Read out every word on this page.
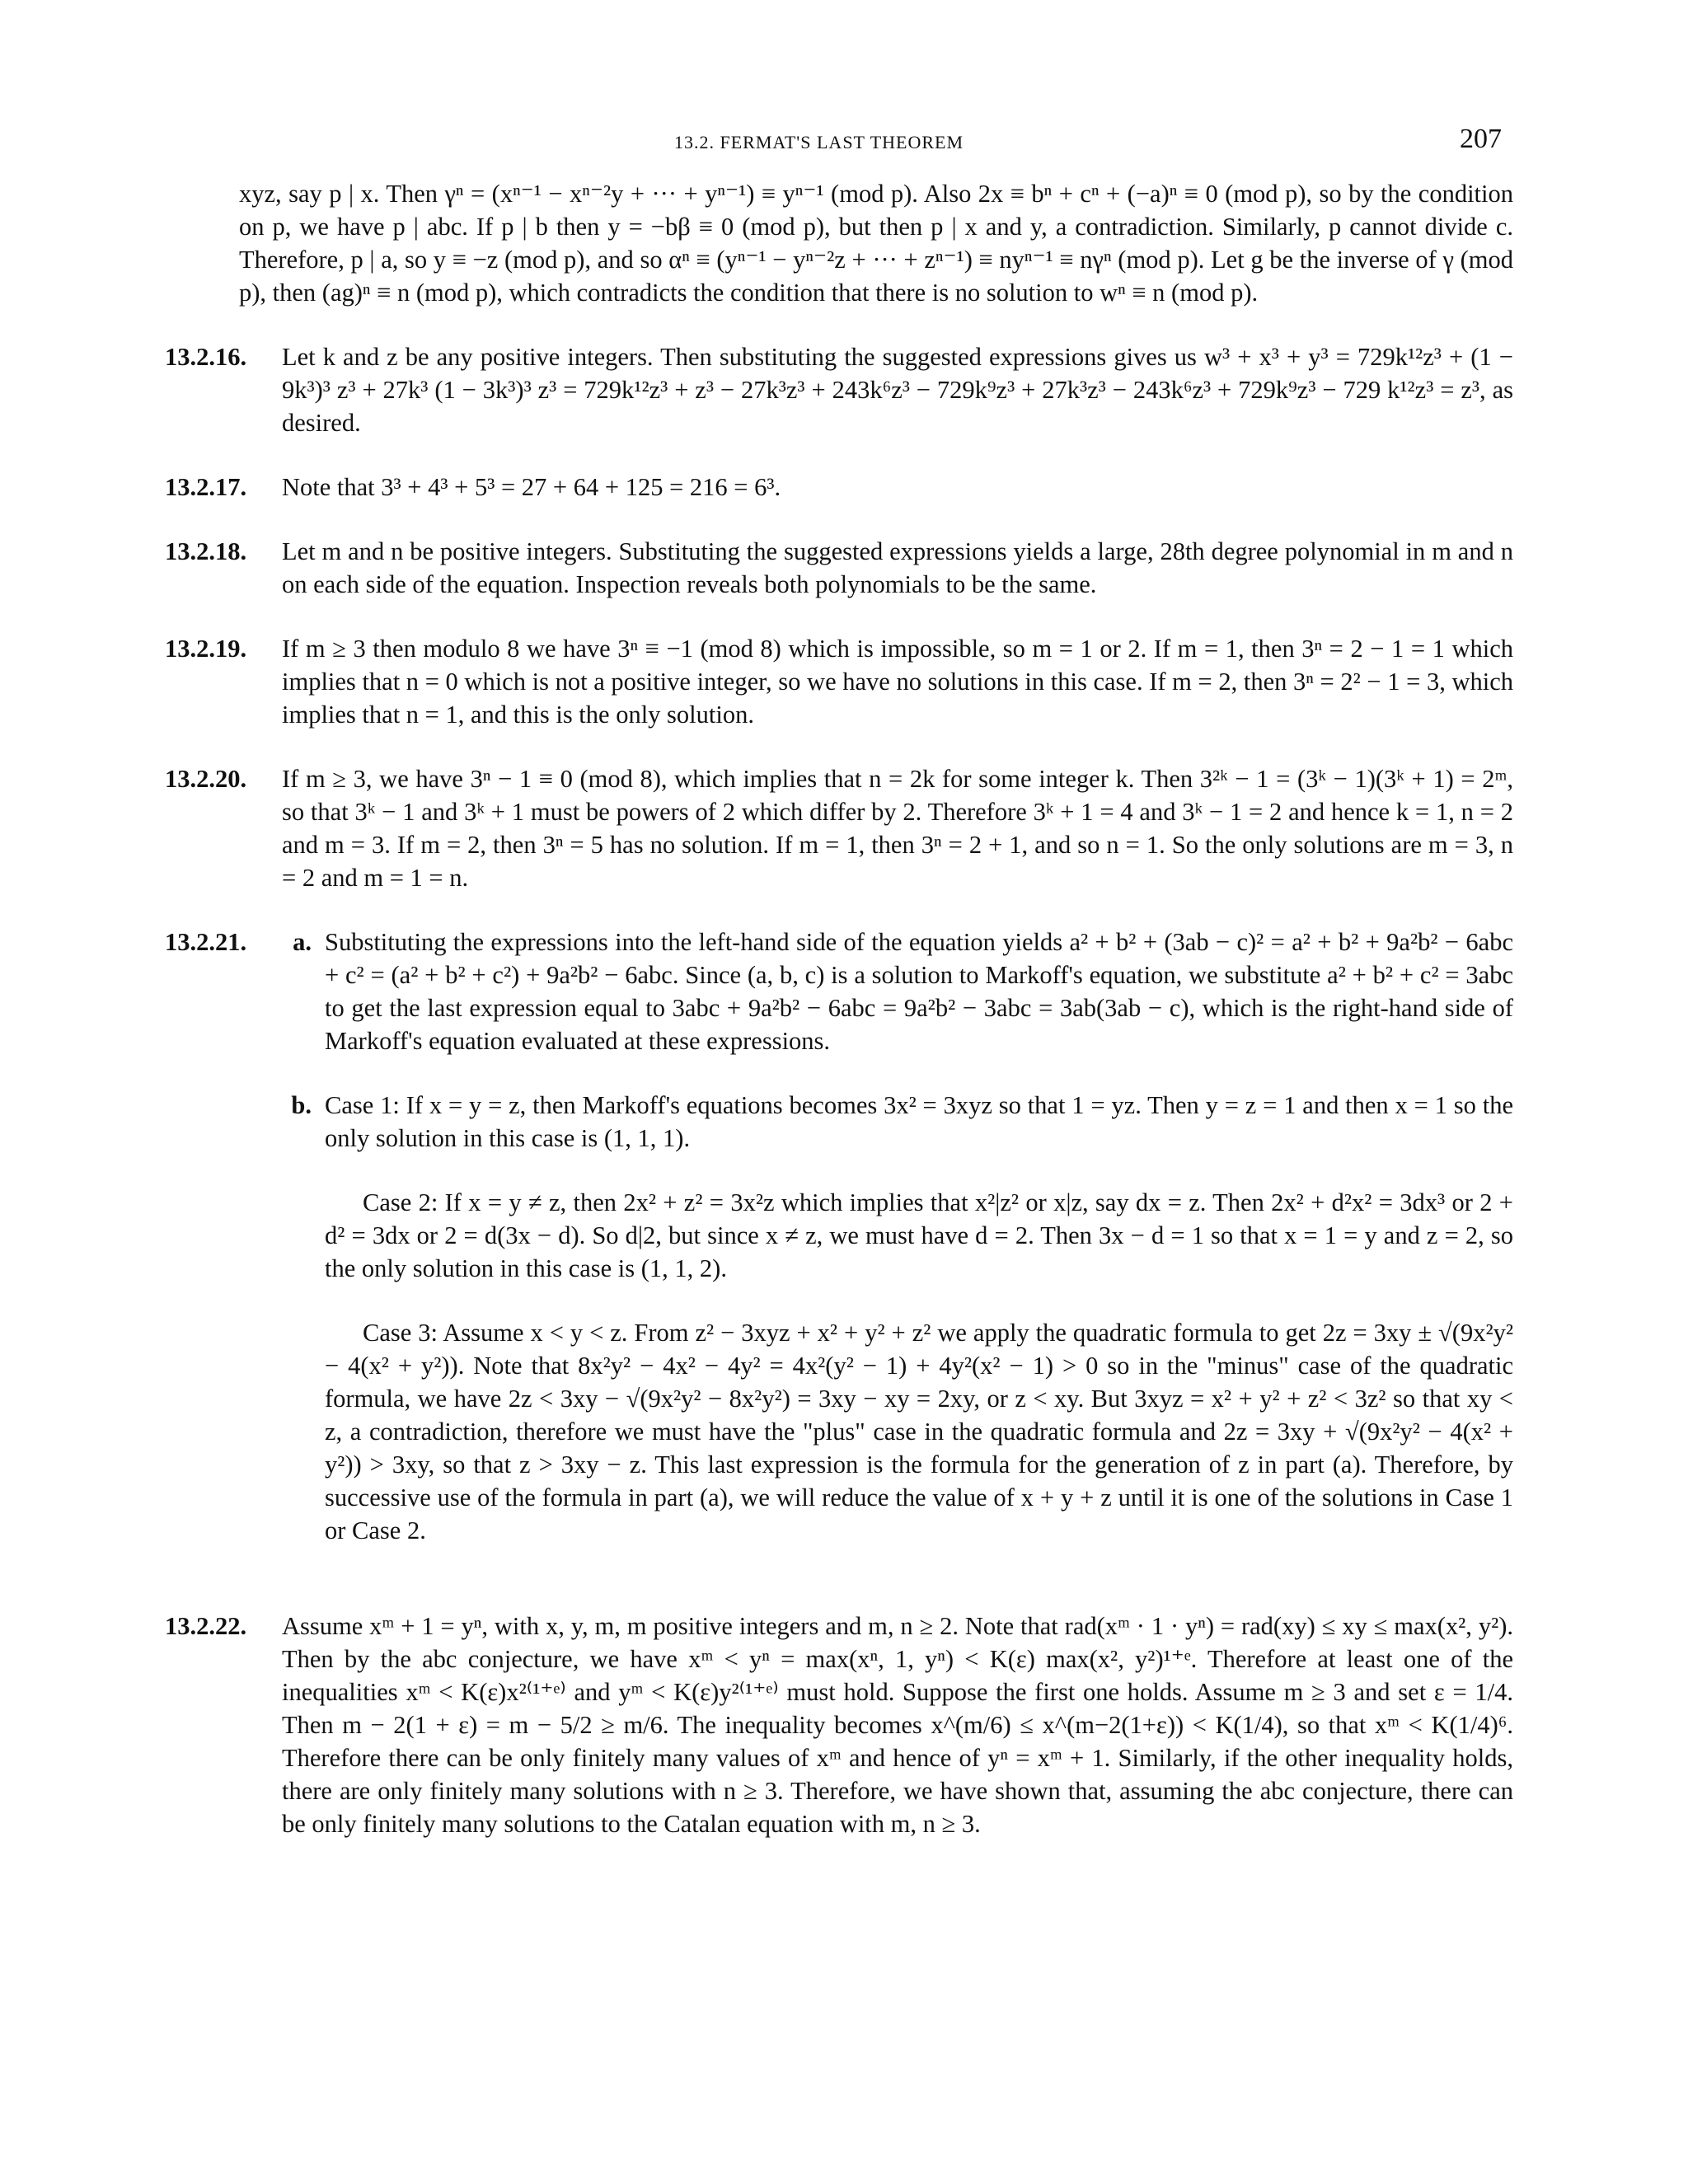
13.2. FERMAT'S LAST THEOREM	207

xyz, say p | x. Then γⁿ = (xⁿ⁻¹ − xⁿ⁻²y + ··· + yⁿ⁻¹) ≡ yⁿ⁻¹ (mod p). Also 2x ≡ bⁿ + cⁿ + (−a)ⁿ ≡ 0 (mod p), so by the condition on p, we have p | abc. If p | b then y = −bβ ≡ 0 (mod p), but then p | x and y, a contradiction. Similarly, p cannot divide c. Therefore, p | a, so y ≡ −z (mod p), and so αⁿ ≡ (yⁿ⁻¹ − yⁿ⁻²z + ··· + zⁿ⁻¹) ≡ nyⁿ⁻¹ ≡ nγⁿ (mod p). Let g be the inverse of γ (mod p), then (ag)ⁿ ≡ n (mod p), which contradicts the condition that there is no solution to wⁿ ≡ n (mod p).

13.2.16.	Let k and z be any positive integers. Then substituting the suggested expressions gives us w³ + x³ + y³ = 729k¹²z³ + (1 − 9k³)³ z³ + 27k³ (1 − 3k³)³ z³ = 729k¹²z³ + z³ − 27k³z³ + 243k⁶z³ − 729k⁹z³ + 27k³z³ − 243k⁶z³ + 729k⁹z³ − 729 k¹²z³ = z³, as desired.
13.2.17.	Note that 3³ + 4³ + 5³ = 27 + 64 + 125 = 216 = 6³.
13.2.18.	Let m and n be positive integers. Substituting the suggested expressions yields a large, 28th degree polynomial in m and n on each side of the equation. Inspection reveals both polynomials to be the same.
13.2.19.	If m ≥ 3 then modulo 8 we have 3ⁿ ≡ −1 (mod 8) which is impossible, so m = 1 or 2. If m = 1, then 3ⁿ = 2 − 1 = 1 which implies that n = 0 which is not a positive integer, so we have no solutions in this case. If m = 2, then 3ⁿ = 2² − 1 = 3, which implies that n = 1, and this is the only solution.
13.2.20.	If m ≥ 3, we have 3ⁿ − 1 ≡ 0 (mod 8), which implies that n = 2k for some integer k. Then 3²ᵏ − 1 = (3ᵏ − 1)(3ᵏ + 1) = 2ᵐ, so that 3ᵏ − 1 and 3ᵏ + 1 must be powers of 2 which differ by 2. Therefore 3ᵏ + 1 = 4 and 3ᵏ − 1 = 2 and hence k = 1, n = 2 and m = 3. If m = 2, then 3ⁿ = 5 has no solution. If m = 1, then 3ⁿ = 2 + 1, and so n = 1. So the only solutions are m = 3, n = 2 and m = 1 = n.
13.2.21.	a. Substituting the expressions into the left-hand side of the equation yields a² + b² + (3ab − c)² = a² + b² + 9a²b² − 6abc + c² = (a² + b² + c²) + 9a²b² − 6abc. Since (a, b, c) is a solution to Markoff's equation, we substitute a² + b² + c² = 3abc to get the last expression equal to 3abc + 9a²b² − 6abc = 9a²b² − 3abc = 3ab(3ab − c), which is the right-hand side of Markoff's equation evaluated at these expressions.
b. Case 1: If x = y = z, then Markoff's equations becomes 3x² = 3xyz so that 1 = yz. Then y = z = 1 and then x = 1 so the only solution in this case is (1, 1, 1).
Case 2: If x = y ≠ z, then 2x² + z² = 3x²z which implies that x²|z² or x|z, say dx = z. Then 2x² + d²x² = 3dx³ or 2 + d² = 3dx or 2 = d(3x − d). So d|2, but since x ≠ z, we must have d = 2. Then 3x − d = 1 so that x = 1 = y and z = 2, so the only solution in this case is (1, 1, 2).
Case 3: Assume x < y < z. From z² − 3xyz + x² + y² + z² we apply the quadratic formula to get 2z = 3xy ± √(9x²y² − 4(x² + y²)). Note that 8x²y² − 4x² − 4y² = 4x²(y² − 1) + 4y²(x² − 1) > 0 so in the "minus" case of the quadratic formula, we have 2z < 3xy − √(9x²y² − 8x²y²) = 3xy − xy = 2xy, or z < xy. But 3xyz = x² + y² + z² < 3z² so that xy < z, a contradiction, therefore we must have the "plus" case in the quadratic formula and 2z = 3xy + √(9x²y² − 4(x² + y²)) > 3xy, so that z > 3xy − z. This last expression is the formula for the generation of z in part (a). Therefore, by successive use of the formula in part (a), we will reduce the value of x + y + z until it is one of the solutions in Case 1 or Case 2.
13.2.22.	Assume xᵐ + 1 = yⁿ, with x, y, m, m positive integers and m, n ≥ 2. Note that rad(xᵐ · 1 · yⁿ) = rad(xy) ≤ xy ≤ max(x², y²). Then by the abc conjecture, we have xᵐ < yⁿ = max(xⁿ, 1, yⁿ) < K(ε) max(x², y²)¹⁺ᵉ. Therefore at least one of the inequalities xᵐ < K(ε)x²⁽¹⁺ᵉ⁾ and yᵐ < K(ε)y²⁽¹⁺ᵉ⁾ must hold. Suppose the first one holds. Assume m ≥ 3 and set ε = 1/4. Then m − 2(1 + ε) = m − 5/2 ≥ m/6. The inequality becomes x^(m/6) ≤ x^(m−2(1+ε)) < K(1/4), so that xᵐ < K(1/4)⁶. Therefore there can be only finitely many values of xᵐ and hence of yⁿ = xᵐ + 1. Similarly, if the other inequality holds, there are only finitely many solutions with n ≥ 3. Therefore, we have shown that, assuming the abc conjecture, there can be only finitely many solutions to the Catalan equation with m, n ≥ 3.
